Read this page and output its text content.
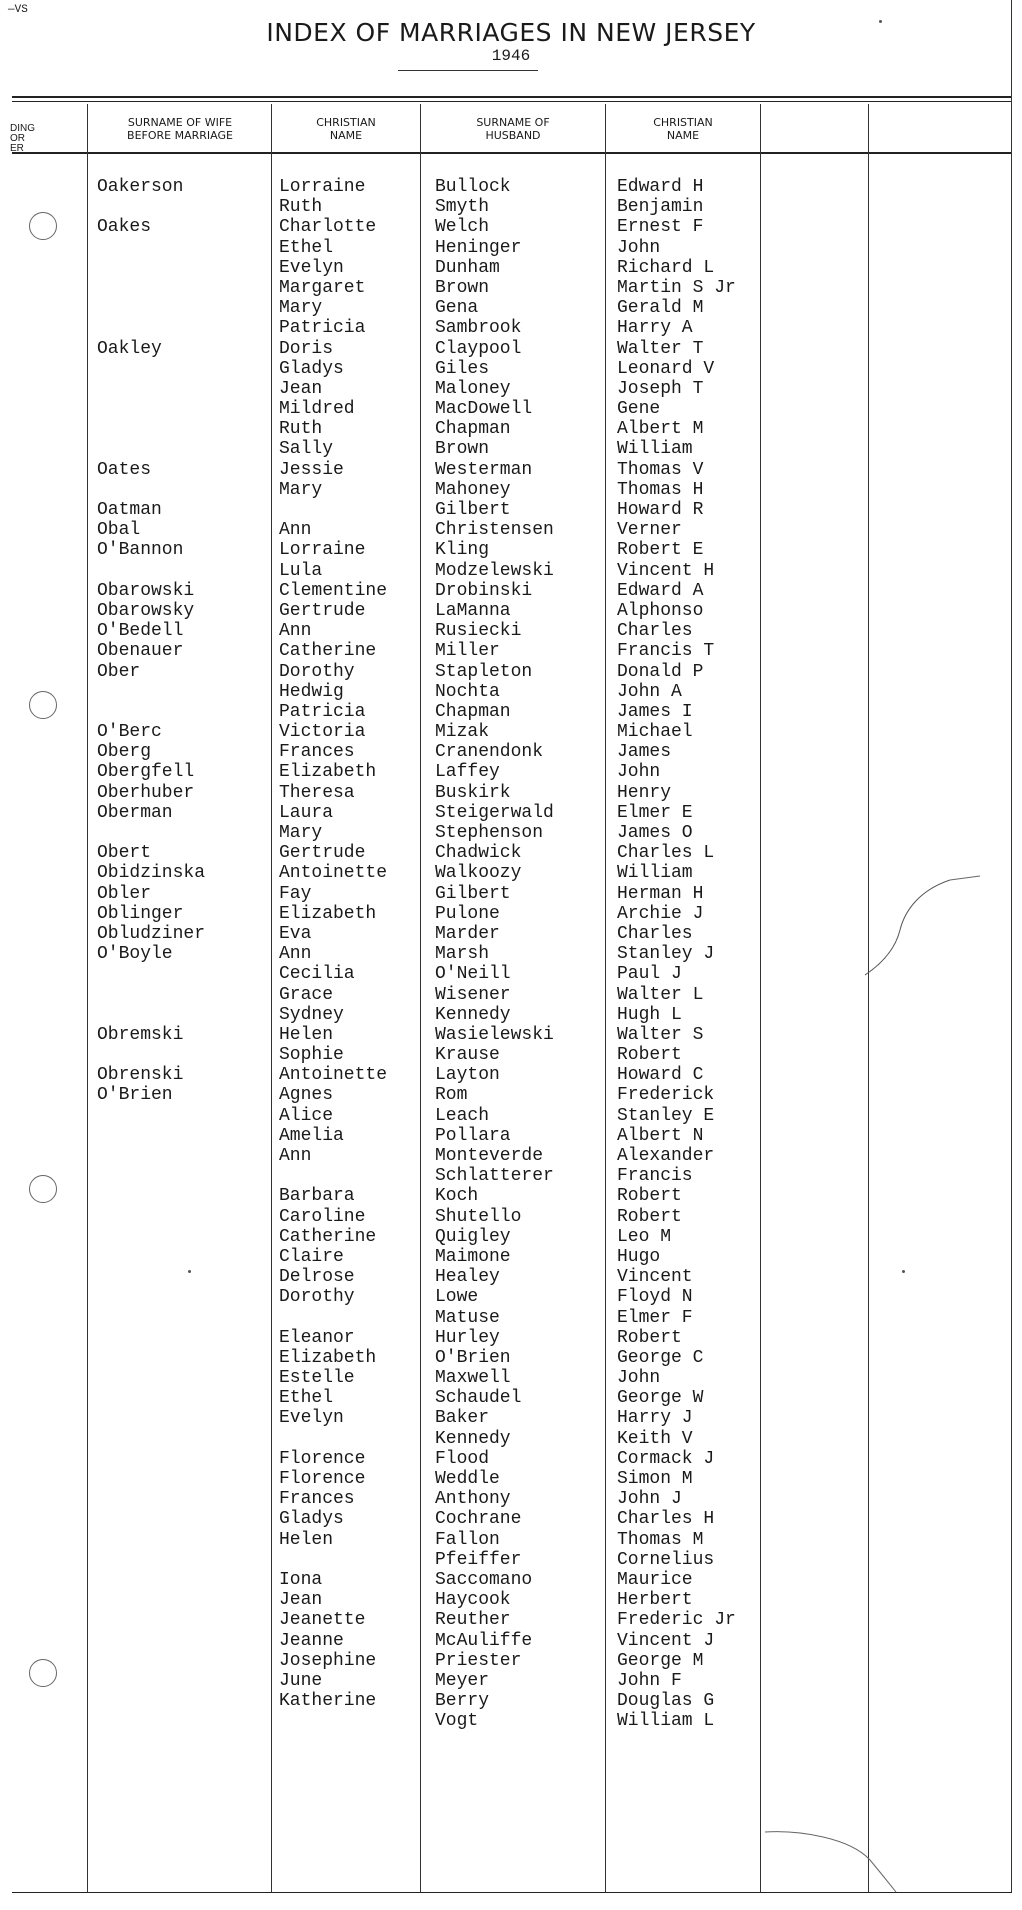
—VS
INDEX OF MARRIAGES IN NEW JERSEY
1946
DING
OR
ER
SURNAME OF WIFE
BEFORE MARRIAGE
CHRISTIAN
NAME
SURNAME OF
HUSBAND
CHRISTIAN
NAME
Oakerson
Oakes
Oakley
Oates
Oatman
Obal
O'Bannon
Obarowski
Obarowsky
O'Bedell
Obenauer
Ober
O'Berc
Oberg
Obergfell
Oberhuber
Oberman
Obert
Obidzinska
Obler
Oblinger
Obludziner
O'Boyle
Obremski
Obrenski
O'Brien
Lorraine
Ruth
Charlotte
Ethel
Evelyn
Margaret
Mary
Patricia
Doris
Gladys
Jean
Mildred
Ruth
Sally
Jessie
Mary
Ann
Lorraine
Lula
Clementine
Gertrude
Ann
Catherine
Dorothy
Hedwig
Patricia
Victoria
Frances
Elizabeth
Theresa
Laura
Mary
Gertrude
Antoinette
Fay
Elizabeth
Eva
Ann
Cecilia
Grace
Sydney
Helen
Sophie
Antoinette
Agnes
Alice
Amelia
Ann
Barbara
Caroline
Catherine
Claire
Delrose
Dorothy
Eleanor
Elizabeth
Estelle
Ethel
Evelyn
Florence
Florence
Frances
Gladys
Helen
Iona
Jean
Jeanette
Jeanne
Josephine
June
Katherine
Bullock
Smyth
Welch
Heninger
Dunham
Brown
Gena
Sambrook
Claypool
Giles
Maloney
MacDowell
Chapman
Brown
Westerman
Mahoney
Gilbert
Christensen
Kling
Modzelewski
Drobinski
LaManna
Rusiecki
Miller
Stapleton
Nochta
Chapman
Mizak
Cranendonk
Laffey
Buskirk
Steigerwald
Stephenson
Chadwick
Walkoozy
Gilbert
Pulone
Marder
Marsh
O'Neill
Wisener
Kennedy
Wasielewski
Krause
Layton
Rom
Leach
Pollara
Monteverde
Schlatterer
Koch
Shutello
Quigley
Maimone
Healey
Lowe
Matuse
Hurley
O'Brien
Maxwell
Schaudel
Baker
Kennedy
Flood
Weddle
Anthony
Cochrane
Fallon
Pfeiffer
Saccomano
Haycook
Reuther
McAuliffe
Priester
Meyer
Berry
Vogt
Edward H
Benjamin
Ernest F
John
Richard L
Martin S Jr
Gerald M
Harry A
Walter T
Leonard V
Joseph T
Gene
Albert M
William
Thomas V
Thomas H
Howard R
Verner
Robert E
Vincent H
Edward A
Alphonso
Charles
Francis T
Donald P
John A
James I
Michael
James
John
Henry
Elmer E
James O
Charles L
William
Herman H
Archie J
Charles
Stanley J
Paul J
Walter L
Hugh L
Walter S
Robert
Howard C
Frederick
Stanley E
Albert N
Alexander
Francis
Robert
Robert
Leo M
Hugo
Vincent
Floyd N
Elmer F
Robert
George C
John
George W
Harry J
Keith V
Cormack J
Simon M
John J
Charles H
Thomas M
Cornelius
Maurice
Herbert
Frederic Jr
Vincent J
George M
John F
Douglas G
William L
